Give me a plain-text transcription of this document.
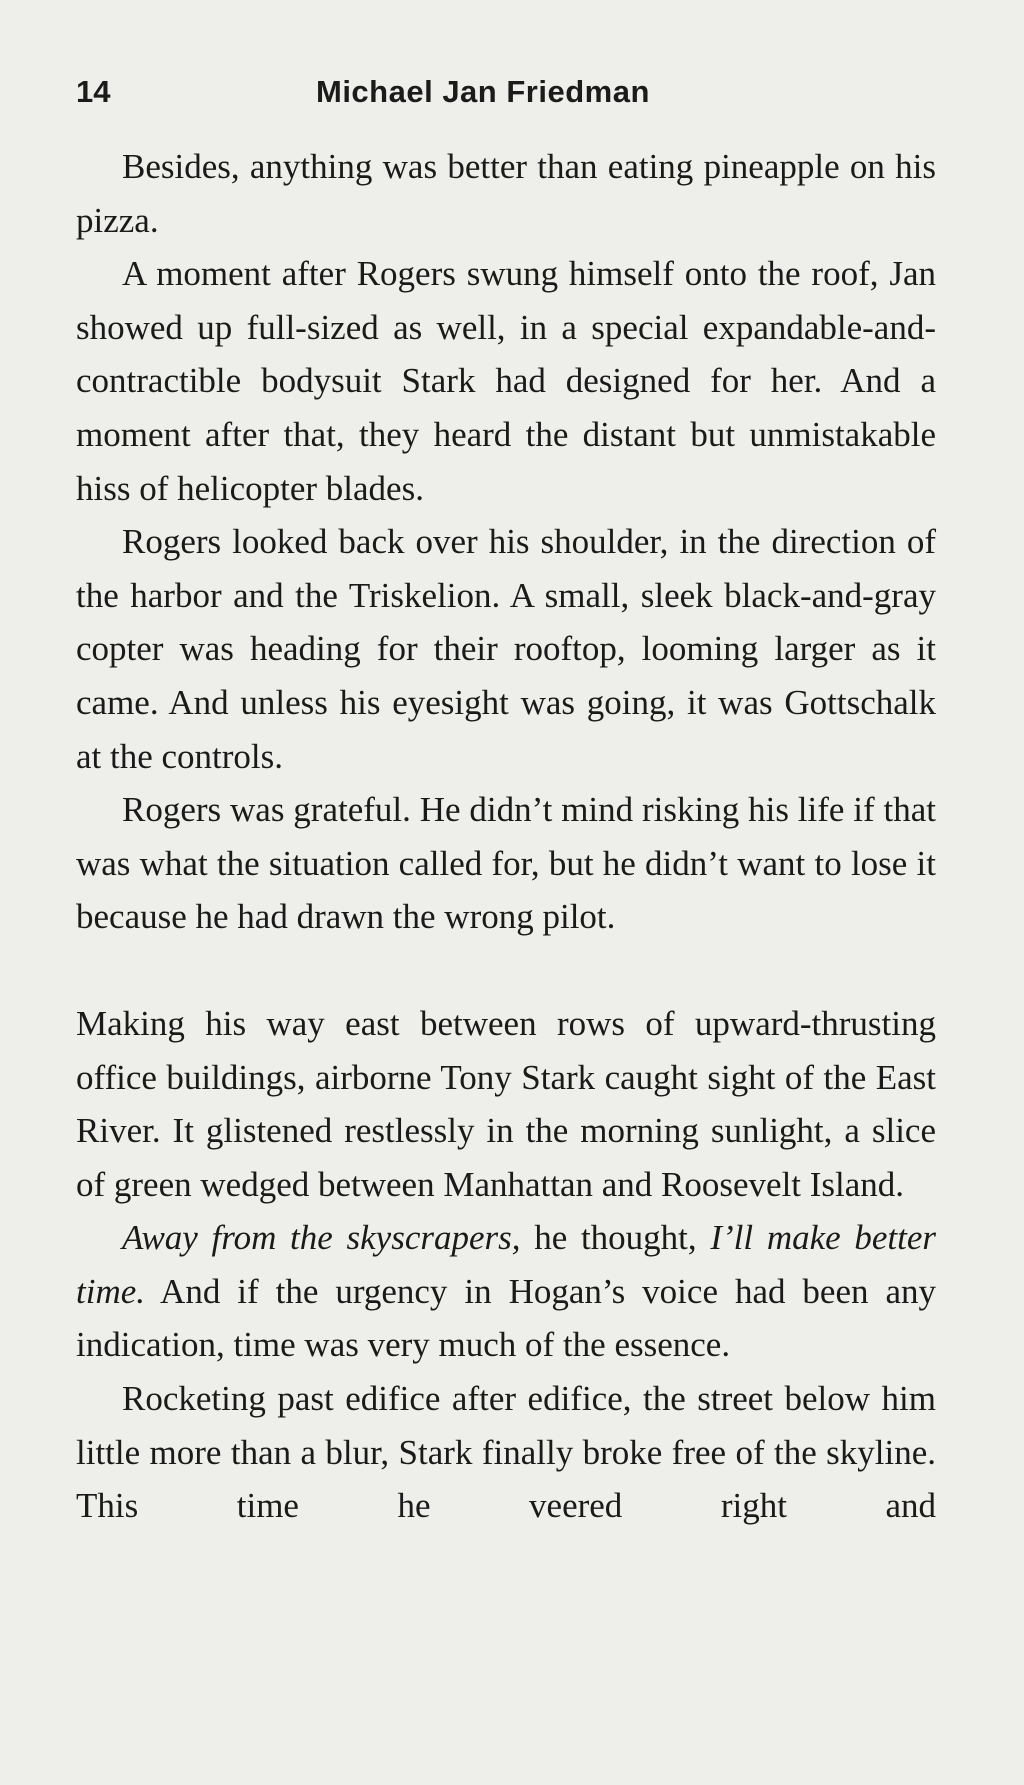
14	Michael Jan Friedman

Besides, anything was better than eating pineapple on his pizza.

A moment after Rogers swung himself onto the roof, Jan showed up full-sized as well, in a special expandable-and-contractible bodysuit Stark had designed for her. And a moment after that, they heard the distant but unmistakable hiss of helicopter blades.

Rogers looked back over his shoulder, in the direction of the harbor and the Triskelion. A small, sleek black-and-gray copter was heading for their rooftop, looming larger as it came. And unless his eyesight was going, it was Gottschalk at the controls.

Rogers was grateful. He didn’t mind risking his life if that was what the situation called for, but he didn’t want to lose it because he had drawn the wrong pilot.

Making his way east between rows of upward-thrusting office buildings, airborne Tony Stark caught sight of the East River. It glistened restlessly in the morning sunlight, a slice of green wedged between Manhattan and Roosevelt Island.

Away from the skyscrapers, he thought, I’ll make better time. And if the urgency in Hogan’s voice had been any indication, time was very much of the essence.

Rocketing past edifice after edifice, the street below him little more than a blur, Stark finally broke free of the skyline. This time he veered right and
